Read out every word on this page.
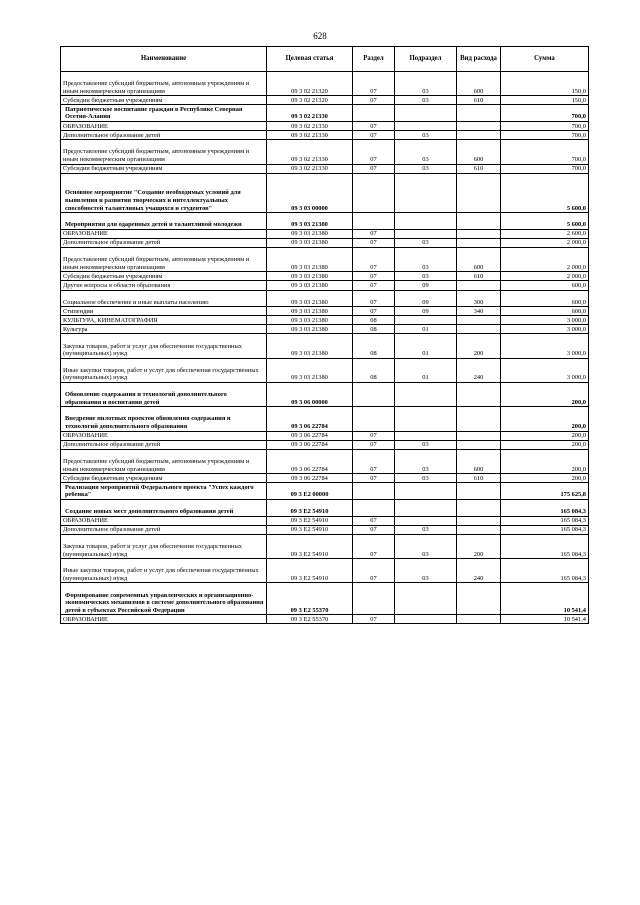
628
Наименование	Целевая статья	Раздел	Подраздел	Вид расхода	Сумма
Предоставление субсидий бюджетным, автономным учреждениям и иным некоммерческим организациям	09 3 02 21320	07	03	600	150,0
Субсидии бюджетным учреждениям	09 3 02 21320	07	03	610	150,0
Патриотическое воспитание граждан в Республике Северная Осетия-Алания	09 3 02 21330				700,0
ОБРАЗОВАНИЕ	09 3 02 21330	07			700,0
Дополнительное образование детей	09 3 02 21330	07	03		700,0
Предоставление субсидий бюджетным, автономным учреждениям и иным некоммерческим организациям	09 3 02 21330	07	03	600	700,0
Субсидии бюджетным учреждениям	09 3 02 21330	07	03	610	700,0
Основное мероприятие "Создание необходимых условий для выявления и развития творческих и интеллектуальных способностей талантливых учащихся и студентов"	09 3 03 00000				5 600,0
Мероприятия для одаренных детей и талантливой молодежи	09 3 03 21380				5 600,0
ОБРАЗОВАНИЕ	09 3 03 21380	07			2 600,0
Дополнительное образование детей	09 3 03 21380	07	03		2 000,0
Предоставление субсидий бюджетным, автономным учреждениям и иным некоммерческим организациям	09 3 03 21380	07	03	600	2 000,0
Субсидии бюджетным учреждениям	09 3 03 21380	07	03	610	2 000,0
Другие вопросы в области образования	09 3 03 21380	07	09		600,0
Социальное обеспечение и иные выплаты населению	09 3 03 21380	07	09	300	600,0
Стипендии	09 3 03 21380	07	09	340	600,0
КУЛЬТУРА, КИНЕМАТОГРАФИЯ	09 3 03 21380	08			3 000,0
Культура	09 3 03 21380	08	01		3 000,0
Закупка товаров, работ и услуг для обеспечения государственных (муниципальных) нужд	09 3 03 21380	08	01	200	3 000,0
Иные закупки товаров, работ и услуг для обеспечения государственных (муниципальных) нужд	09 3 03 21380	08	01	240	3 000,0
Обновление содержания и технологий дополнительного образования и воспитания детей	09 3 06 00000				200,0
Внедрение пилотных проектов обновления содержания и технологий дополнительного образования	09 3 06 22784				200,0
ОБРАЗОВАНИЕ	09 3 06 22784	07			200,0
Дополнительное образование детей	09 3 06 22784	07	03		200,0
Предоставление субсидий бюджетным, автономным учреждениям и иным некоммерческим организациям	09 3 06 22784	07	03	600	200,0
Субсидии бюджетным учреждениям	09 3 06 22784	07	03	610	200,0
Реализация мероприятий Федерального проекта "Успех каждого ребенка"	09 3 E2 00000				175 625,8
Создание новых мест дополнительного образования детей	09 3 E2 54910				165 084,3
ОБРАЗОВАНИЕ	09 3 E2 54910	07			165 084,3
Дополнительное образование детей	09 3 E2 54910	07	03		165 084,3
Закупка товаров, работ и услуг для обеспечения государственных (муниципальных) нужд	09 3 E2 54910	07	03	200	165 084,3
Иные закупки товаров, работ и услуг для обеспечения государственных (муниципальных) нужд	09 3 E2 54910	07	03	240	165 084,3
Формирование современных управленческих и организационно-экономических механизмов в системе дополнительного образования детей в субъектах Российской Федерации	09 3 E2 55370				10 541,4
ОБРАЗОВАНИЕ	09 3 E2 55370	07			10 541,4
